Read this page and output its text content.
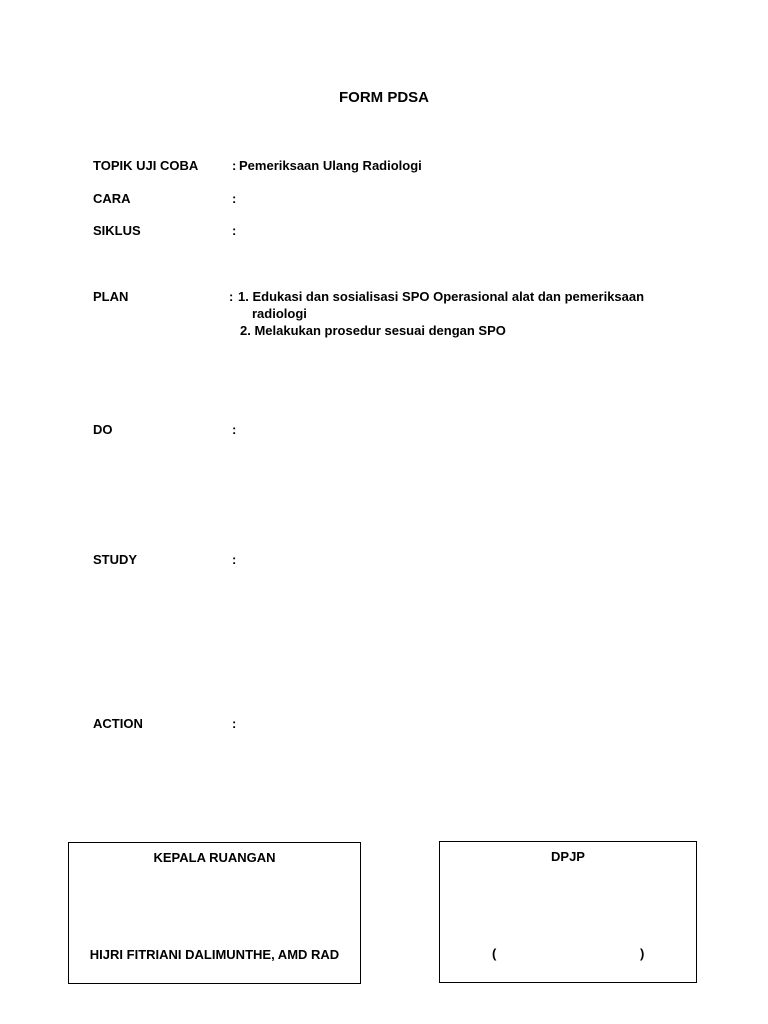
FORM PDSA
TOPIK UJI COBA	: Pemeriksaan Ulang Radiologi
CARA	:
SIKLUS	:
PLAN	: 1. Edukasi dan sosialisasi SPO Operasional alat dan pemeriksaan radiologi
2. Melakukan prosedur sesuai dengan SPO
DO	:
STUDY	:
ACTION	:
KEPALA RUANGAN
HIJRI FITRIANI DALIMUNTHE, AMD RAD
DPJP
(	)
